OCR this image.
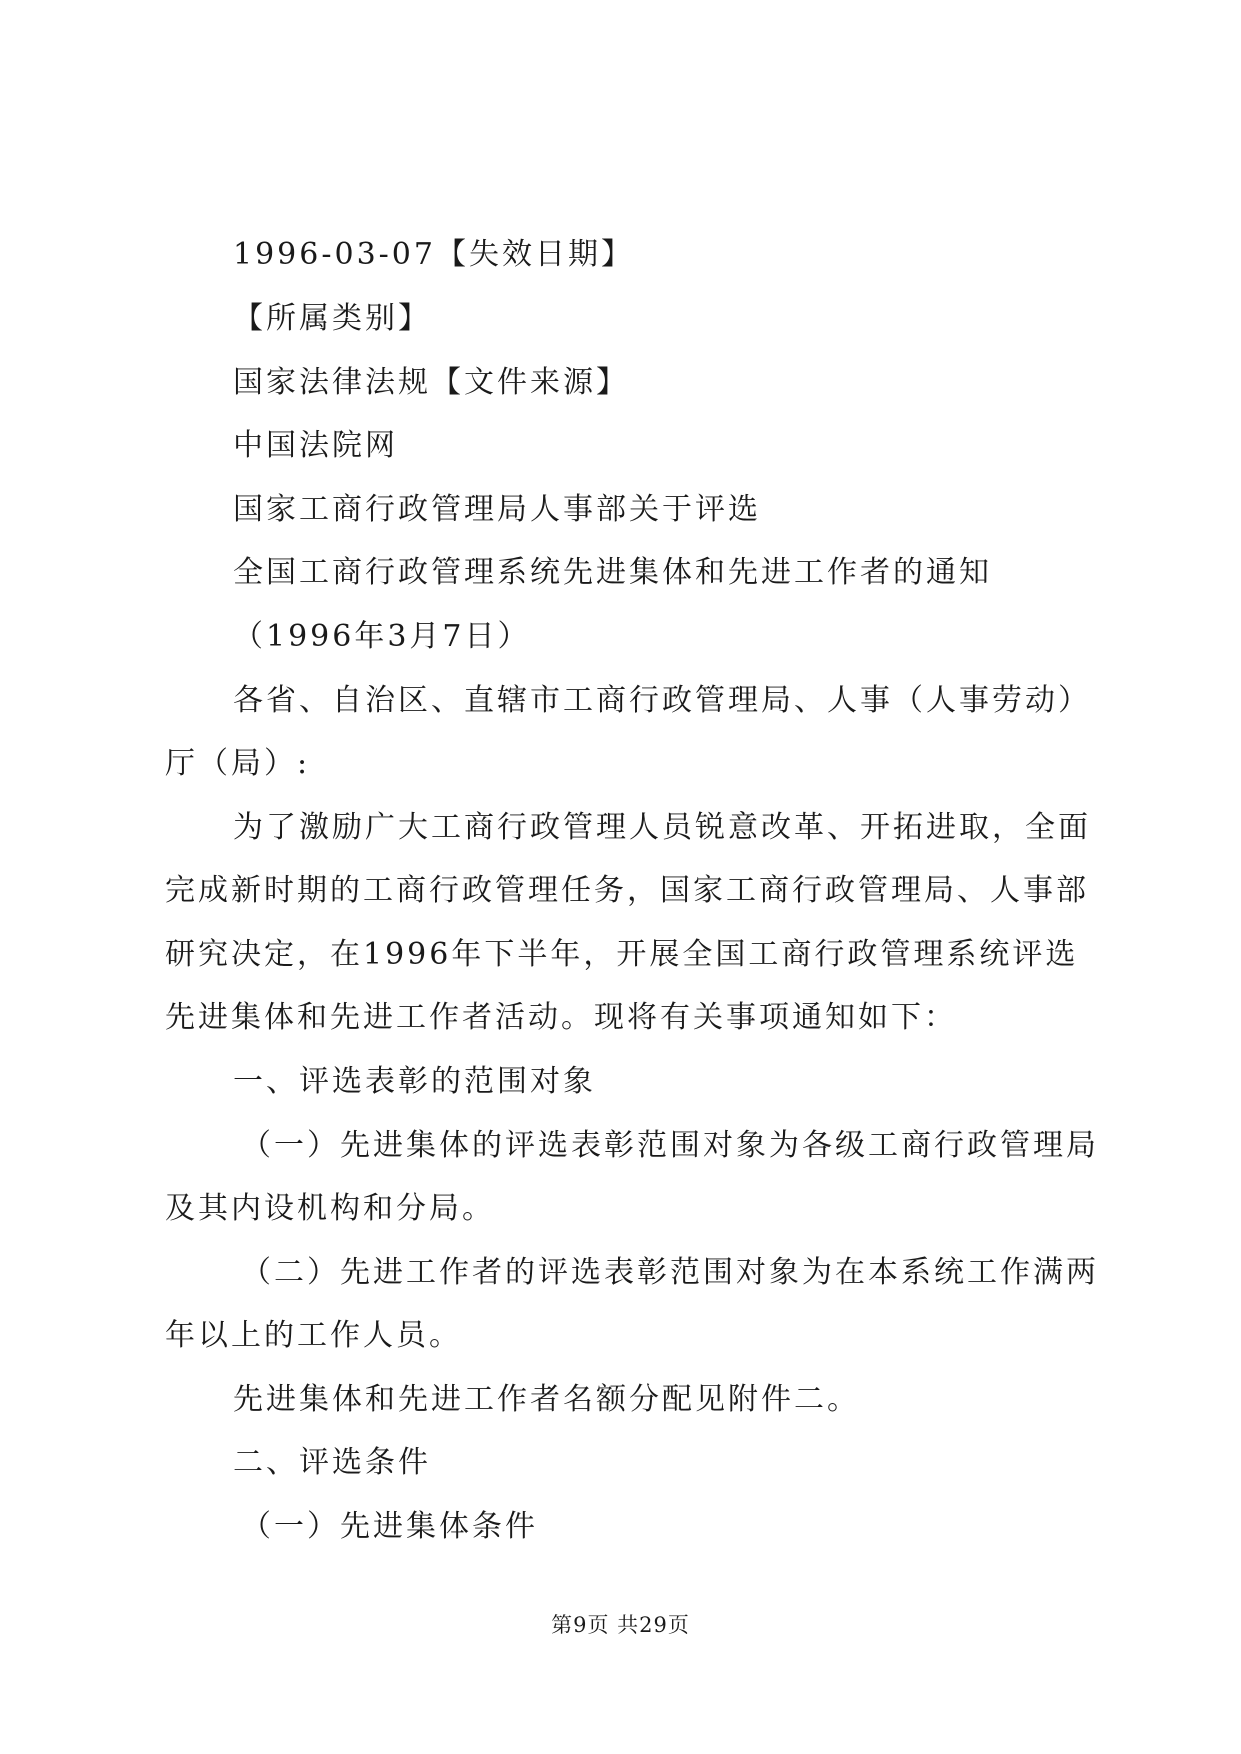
1996-03-07【失效日期】
【所属类别】
国家法律法规【文件来源】
中国法院网
国家工商行政管理局人事部关于评选
全国工商行政管理系统先进集体和先进工作者的通知
（1996年3月7日）
各省、自治区、直辖市工商行政管理局、人事（人事劳动）
厅（局）:
为了激励广大工商行政管理人员锐意改革、开拓进取，全面
完成新时期的工商行政管理任务，国家工商行政管理局、人事部
研究决定，在1996年下半年，开展全国工商行政管理系统评选
先进集体和先进工作者活动。现将有关事项通知如下：
一、评选表彰的范围对象
（一）先进集体的评选表彰范围对象为各级工商行政管理局
及其内设机构和分局。
（二）先进工作者的评选表彰范围对象为在本系统工作满两
年以上的工作人员。
先进集体和先进工作者名额分配见附件二。
二、评选条件
（一）先进集体条件
第9页 共29页
